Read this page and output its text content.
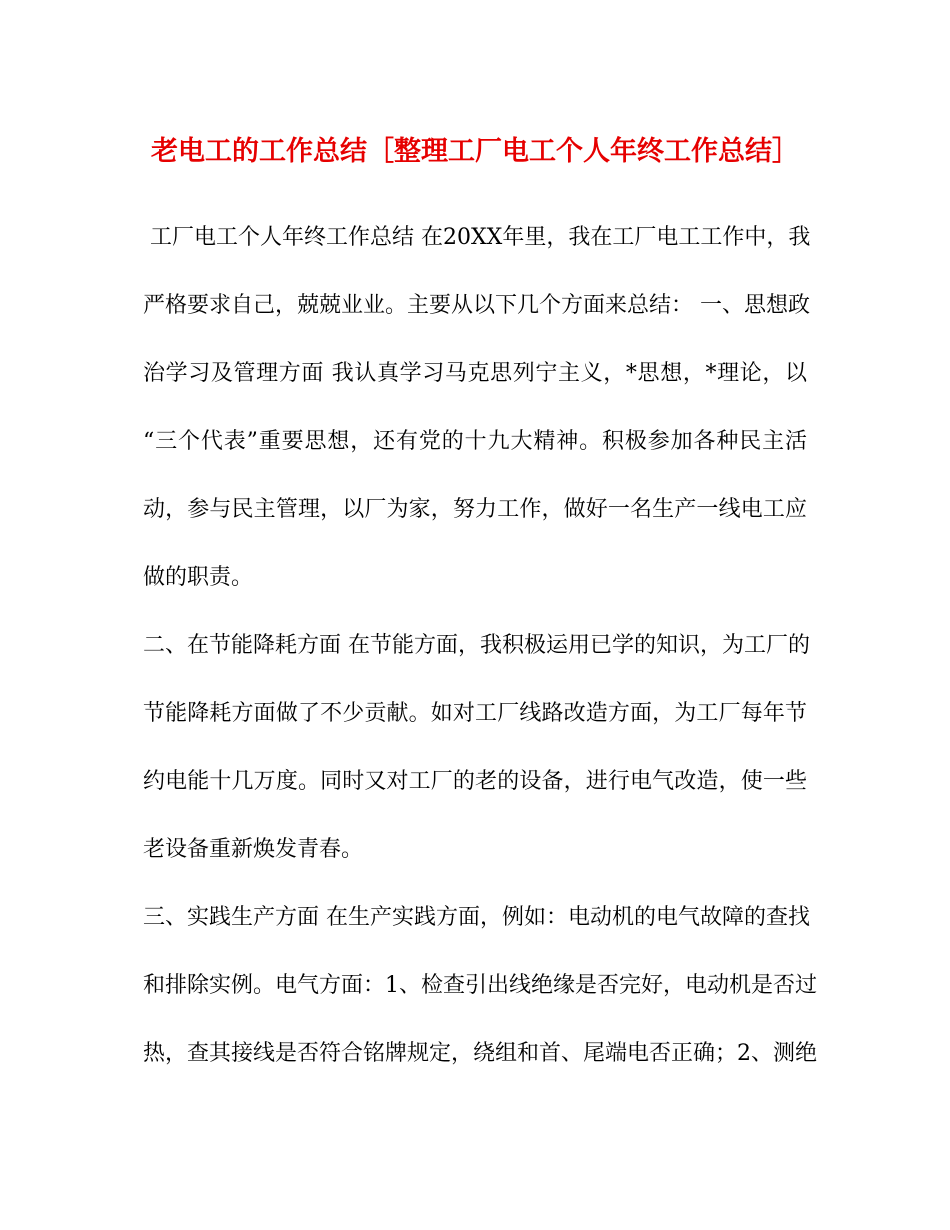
老电工的工作总结［整理工厂电工个人年终工作总结］
工厂电工个人年终工作总结 在20XX年里，我在工厂电工工作中，我
严格要求自己，兢兢业业。主要从以下几个方面来总结： 一、思想政
治学习及管理方面 我认真学习马克思列宁主义，*思想，*理论，以
“三个代表”重要思想，还有党的十九大精神。积极参加各种民主活
动，参与民主管理，以厂为家，努力工作，做好一名生产一线电工应
做的职责。
二、在节能降耗方面 在节能方面，我积极运用已学的知识，为工厂的
节能降耗方面做了不少贡献。如对工厂线路改造方面，为工厂每年节
约电能十几万度。同时又对工厂的老的设备，进行电气改造，使一些
老设备重新焕发青春。
三、实践生产方面 在生产实践方面，例如：电动机的电气故障的查找
和排除实例。电气方面：1、检查引出线绝缘是否完好，电动机是否过
热，查其接线是否符合铭牌规定，绕组和首、尾端电否正确；2、测绝
